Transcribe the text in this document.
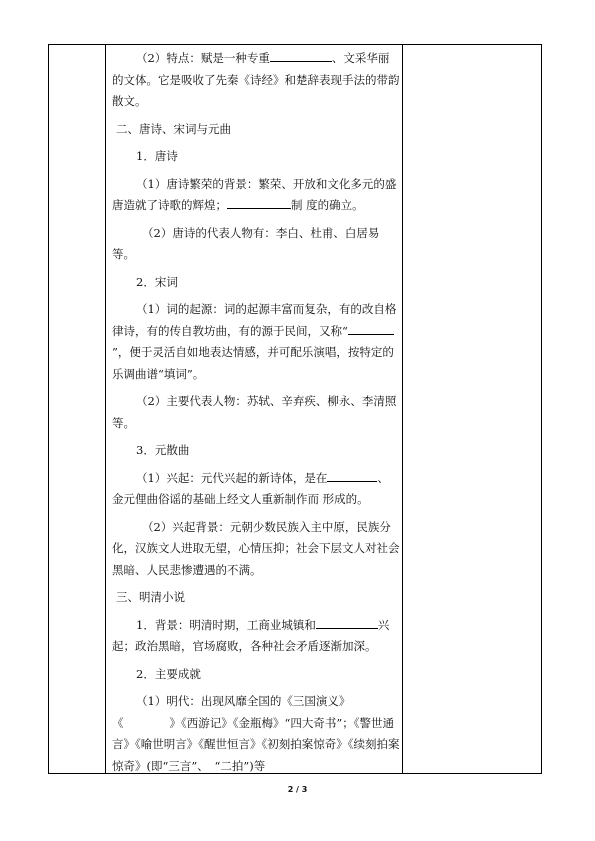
（2）特点：赋是一种专重	、文采华丽的文体。它是吸收了先秦《诗经》和楚辞表现手法的带韵散文。

二、唐诗、宋词与元曲

1．唐诗

（1）唐诗繁荣的背景：繁荣、开放和文化多元的盛唐造就了诗歌的辉煌；	制 度的确立。

（2）唐诗的代表人物有：李白、杜甫、白居易等。

2．宋词

（1）词的起源：词的起源丰富而复杂，有的改自格律诗，有的传自教坊曲，有的源于民间，又称“”，便于灵活自如地表达情感，并可配乐演唱，按特定的乐调曲谱“填词”。

（2）主要代表人物：苏轼、辛弃疾、柳永、李清照等。

3．元散曲

（1）兴起：元代兴起的新诗体，是在	、金元俚曲俗谣的基础上经文人重新制作而 形成的。

（2）兴起背景：元朝少数民族入主中原，民族分化，汉族文人进取无望，心情压抑；社会下层文人对社会黑暗、人民悲惨遭遇的不满。

三、明清小说

1．背景：明清时期，工商业城镇和	兴起；政治黑暗，官场腐败，各种社会矛盾逐渐加深。

2．主要成就

（1）明代：出现风靡全国的《三国演义》《　　　　》《西游记》《金瓶梅》“四大奇书”；《警世通言》《喻世明言》《醒世恒言》《初刻拍案惊奇》《续刻拍案惊奇》(即“三言”、　“二拍”)等

2 / 3
